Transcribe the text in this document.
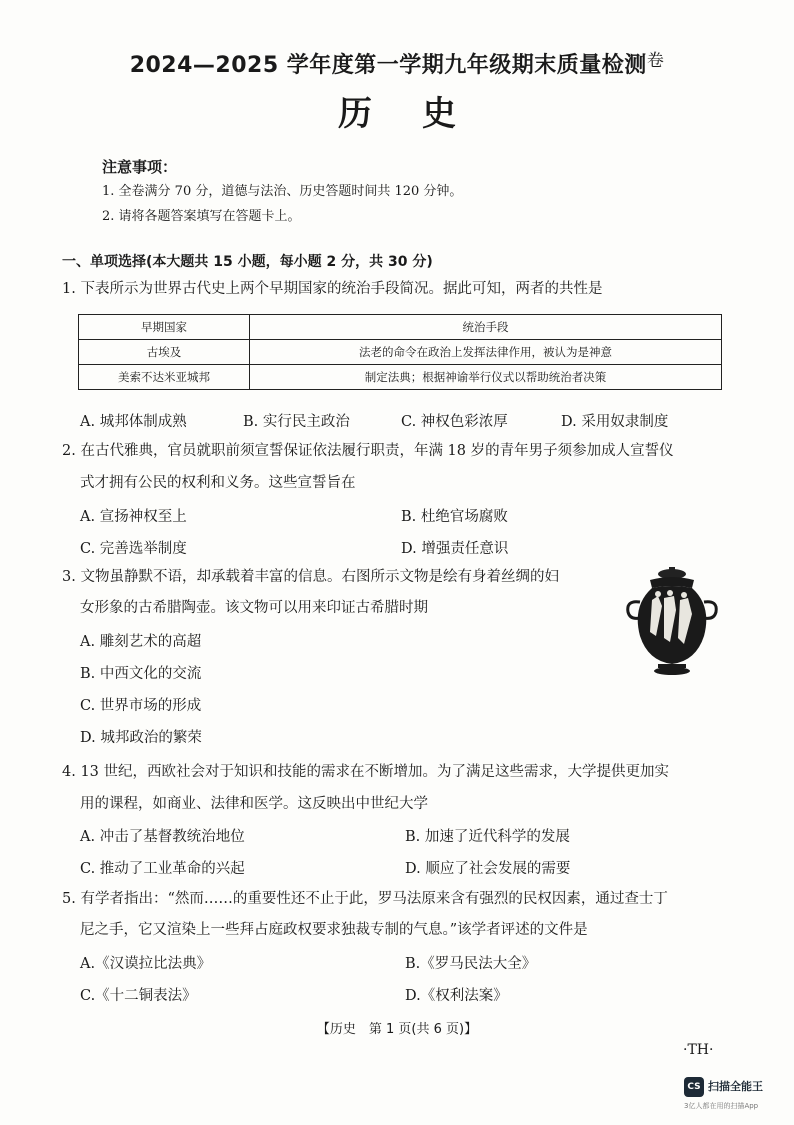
2024—2025 学年度第一学期九年级期末质量检测$^卷$
历史
注意事项：
1. 全卷满分 70 分，道德与法治、历史答题时间共 120 分钟。
2. 请将各题答案填写在答题卡上。
一、单项选择(本大题共 15 小题，每小题 2 分，共 30 分)
1. 下表所示为世界古代史上两个早期国家的统治手段简况。据此可知，两者的共性是
早期国家	统治手段
古埃及	法老的命令在政治上发挥法律作用，被认为是神意
美索不达米亚城邦	制定法典；根据神谕举行仪式以帮助统治者决策
A. 城邦体制成熟	B. 实行民主政治	C. 神权色彩浓厚	D. 采用奴隶制度
2. 在古代雅典，官员就职前须宣誓保证依法履行职责，年满 18 岁的青年男子须参加成人宣誓仪
式才拥有公民的权利和义务。这些宣誓旨在
A. 宣扬神权至上	B. 杜绝官场腐败
C. 完善选举制度	D. 增强责任意识
3. 文物虽静默不语，却承载着丰富的信息。右图所示文物是绘有身着丝绸的妇
女形象的古希腊陶壶。该文物可以用来印证古希腊时期
A. 雕刻艺术的高超
B. 中西文化的交流
C. 世界市场的形成
D. 城邦政治的繁荣
4. 13 世纪，西欧社会对于知识和技能的需求在不断增加。为了满足这些需求，大学提供更加实
用的课程，如商业、法律和医学。这反映出中世纪大学
A. 冲击了基督教统治地位	B. 加速了近代科学的发展
C. 推动了工业革命的兴起	D. 顺应了社会发展的需要
5. 有学者指出：“然而……的重要性还不止于此，罗马法原来含有强烈的民权因素，通过查士丁
尼之手，它又渲染上一些拜占庭政权要求独裁专制的气息。”该学者评述的文件是
A.《汉谟拉比法典》	B.《罗马民法大全》
C.《十二铜表法》	D.《权利法案》
【历史　第 1 页(共 6 页)】
·TH·
CS 扫描全能王
3亿人都在用的扫描App
